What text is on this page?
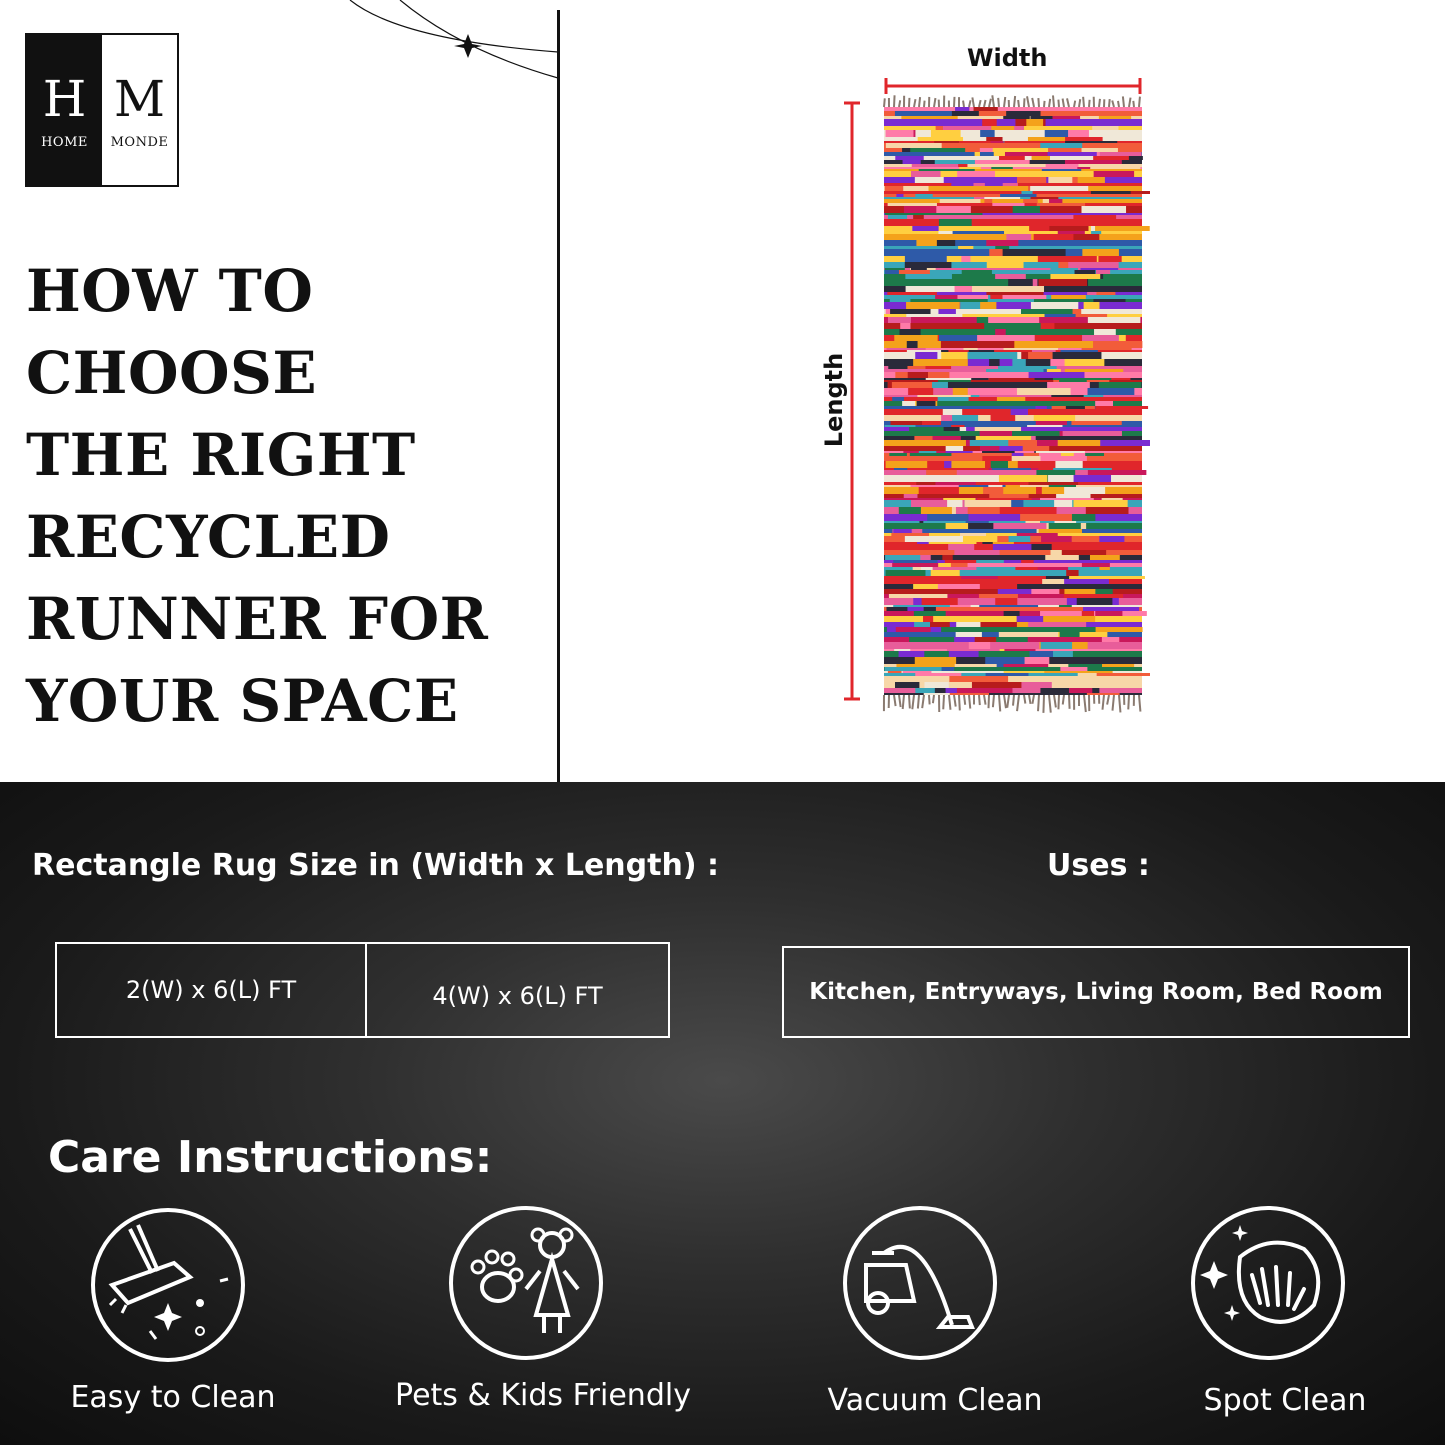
H
HOME
M
MONDE
HOW TO
CHOOSE
THE RIGHT
RECYCLED
RUNNER FOR
YOUR SPACE
Width
Length
Rectangle Rug Size in (Width x Length) :	Uses :
2(W) x 6(L) FT	4(W) x 6(L) FT	Kitchen, Entryways, Living Room, Bed Room
Care Instructions:
Easy to Clean	Pets & Kids Friendly	Vacuum Clean	Spot Clean
